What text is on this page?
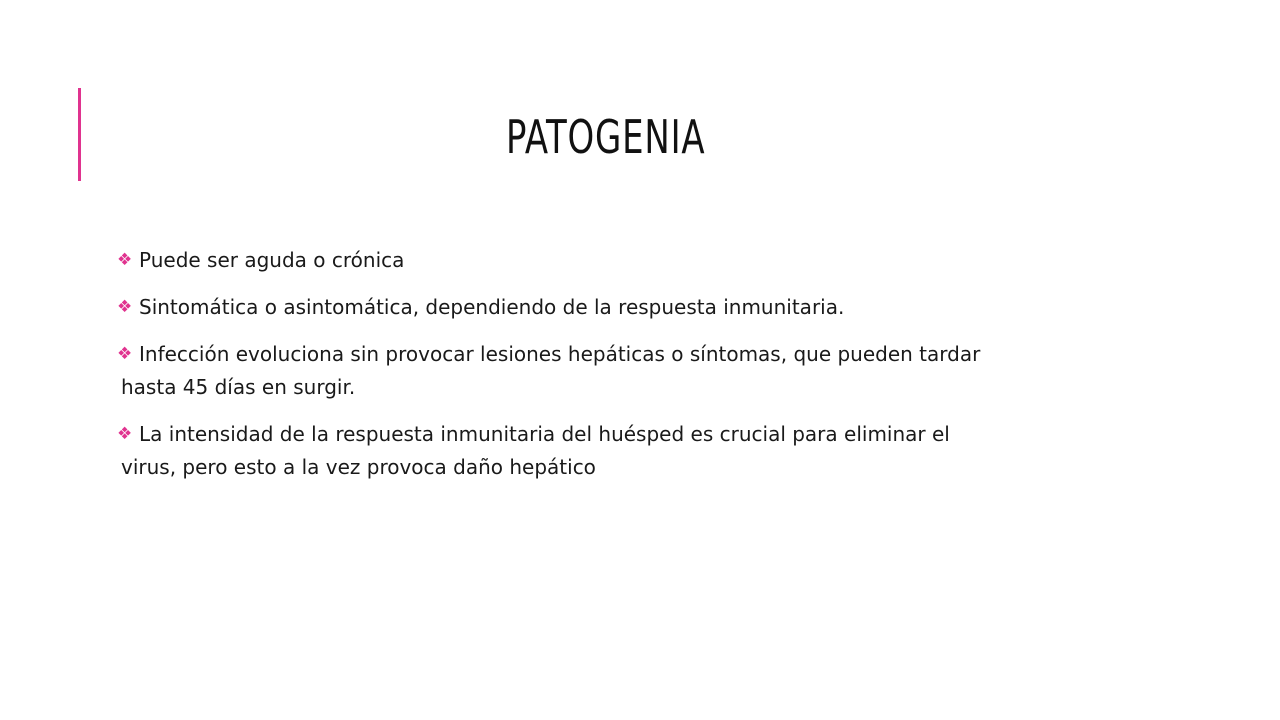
PATOGENIA
❖ Puede ser aguda o crónica
❖ Sintomática o asintomática, dependiendo de la respuesta inmunitaria.
❖ Infección evoluciona sin provocar lesiones hepáticas o síntomas, que pueden tardar
hasta 45 días en surgir.
❖ La intensidad de la respuesta inmunitaria del huésped es crucial para eliminar el
virus, pero esto a la vez provoca daño hepático
